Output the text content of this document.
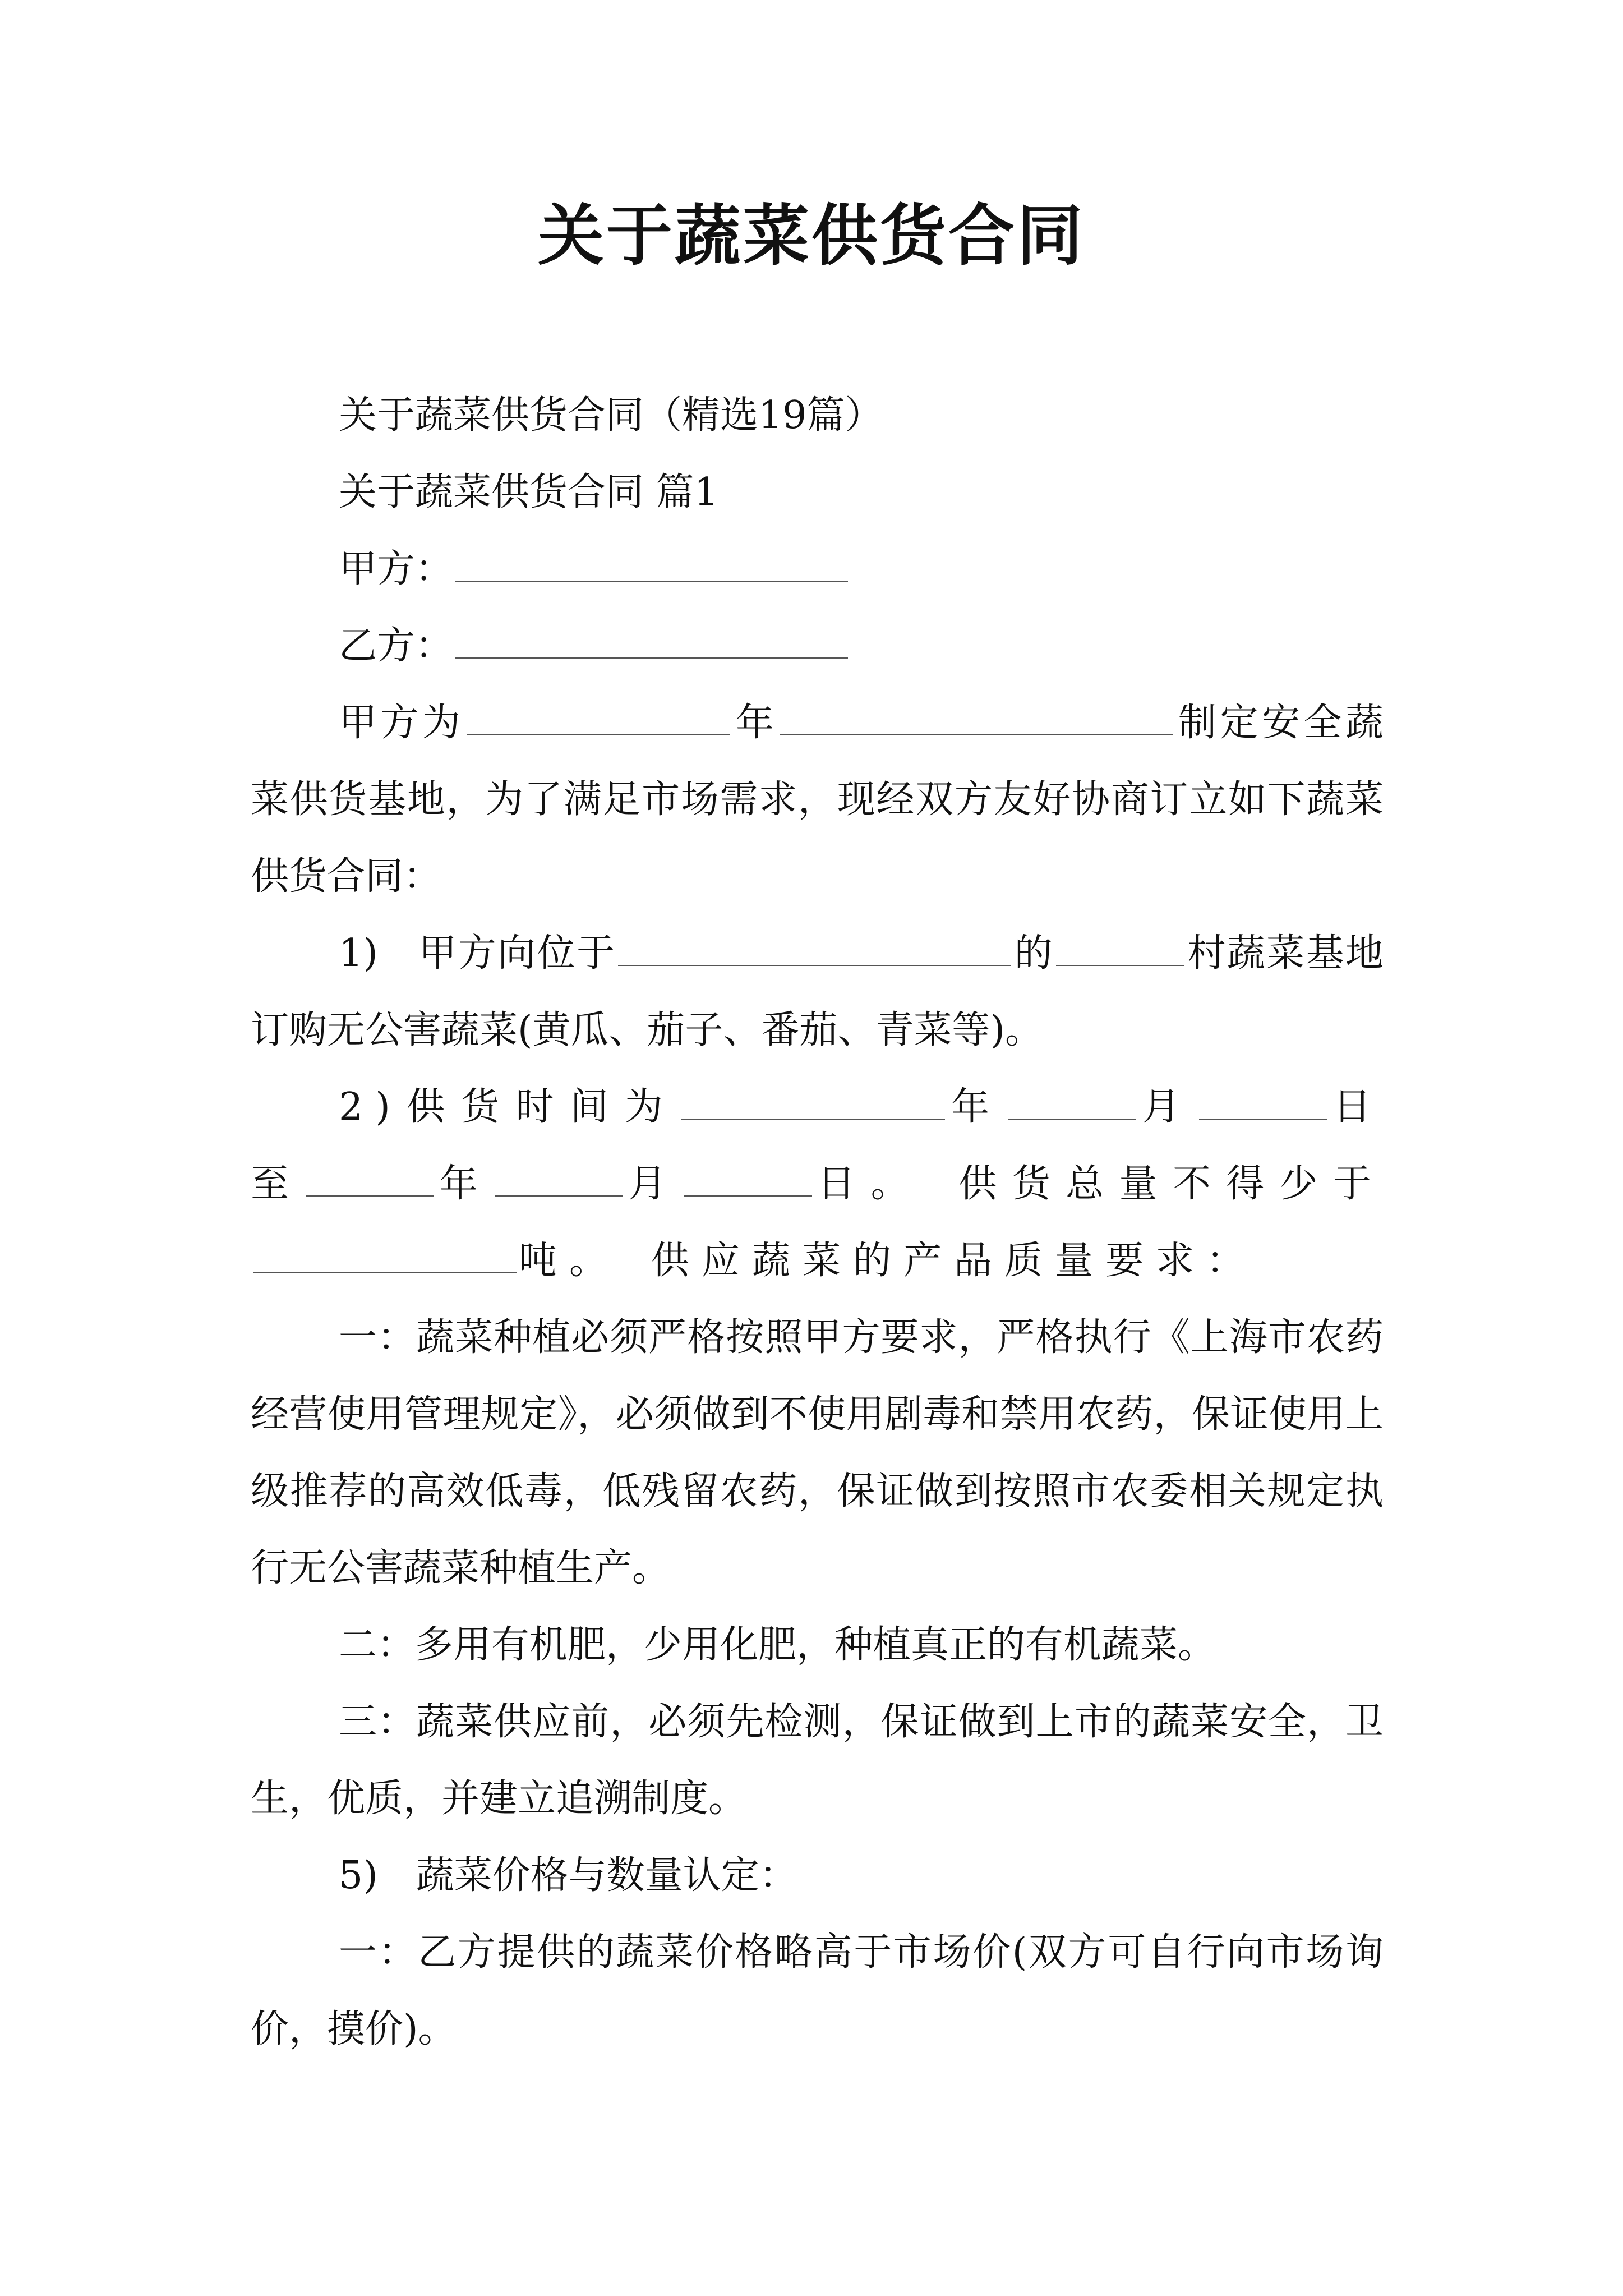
关于蔬菜供货合同

关于蔬菜供货合同（精选19篇）

关于蔬菜供货合同 篇1

甲方：

乙方：

甲方为	年	制定安全蔬菜供货基地，为了满足市场需求，现经双方友好协商订立如下蔬菜供货合同：

1)　甲方向位于	的	村蔬菜基地订购无公害蔬菜(黄瓜、茄子、番茄、青菜等)。

2)供货时间为	年	月	日至	年	月	日。　供货总量不得少于吨。　供应蔬菜的产品质量要求：

一：蔬菜种植必须严格按照甲方要求，严格执行《上海市农药经营使用管理规定》，必须做到不使用剧毒和禁用农药，保证使用上级推荐的高效低毒，低残留农药，保证做到按照市农委相关规定执行无公害蔬菜种植生产。

二：多用有机肥，少用化肥，种植真正的有机蔬菜。

三：蔬菜供应前，必须先检测，保证做到上市的蔬菜安全，卫生，优质，并建立追溯制度。

5)　蔬菜价格与数量认定：

一：乙方提供的蔬菜价格略高于市场价(双方可自行向市场询价，摸价)。
